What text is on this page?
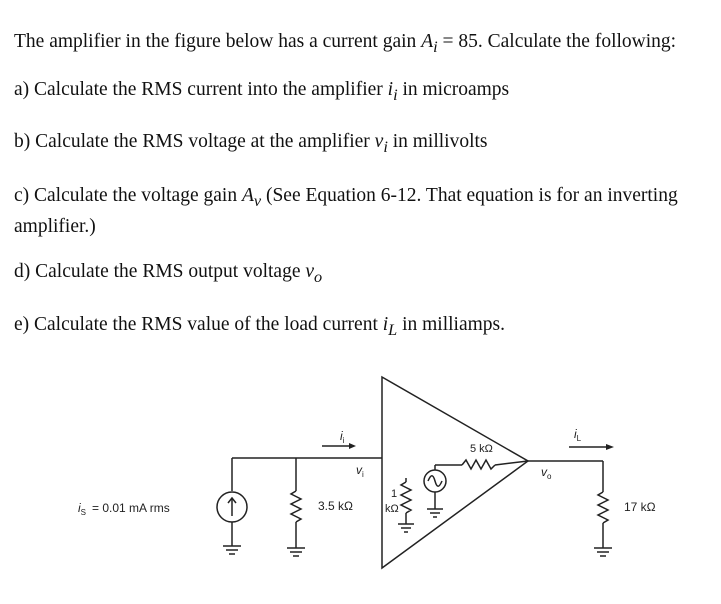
The amplifier in the figure below has a current gain $A_i = 85$. Calculate the following:

a) Calculate the RMS current into the amplifier $i_i$ in microamps

b) Calculate the RMS voltage at the amplifier $v_i$ in millivolts

c) Calculate the voltage gain $A_v$ (See Equation 6-12. That equation is for an inverting amplifier.)

d) Calculate the RMS output voltage $v_o$

e) Calculate the RMS value of the load current $i_L$ in milliamps.

$i_S = 0.01$ mA rms	3.5 kΩ
$i_i$
$v_i$
1
kΩ
5 kΩ
$v_o$
$i_L$
17 kΩ
